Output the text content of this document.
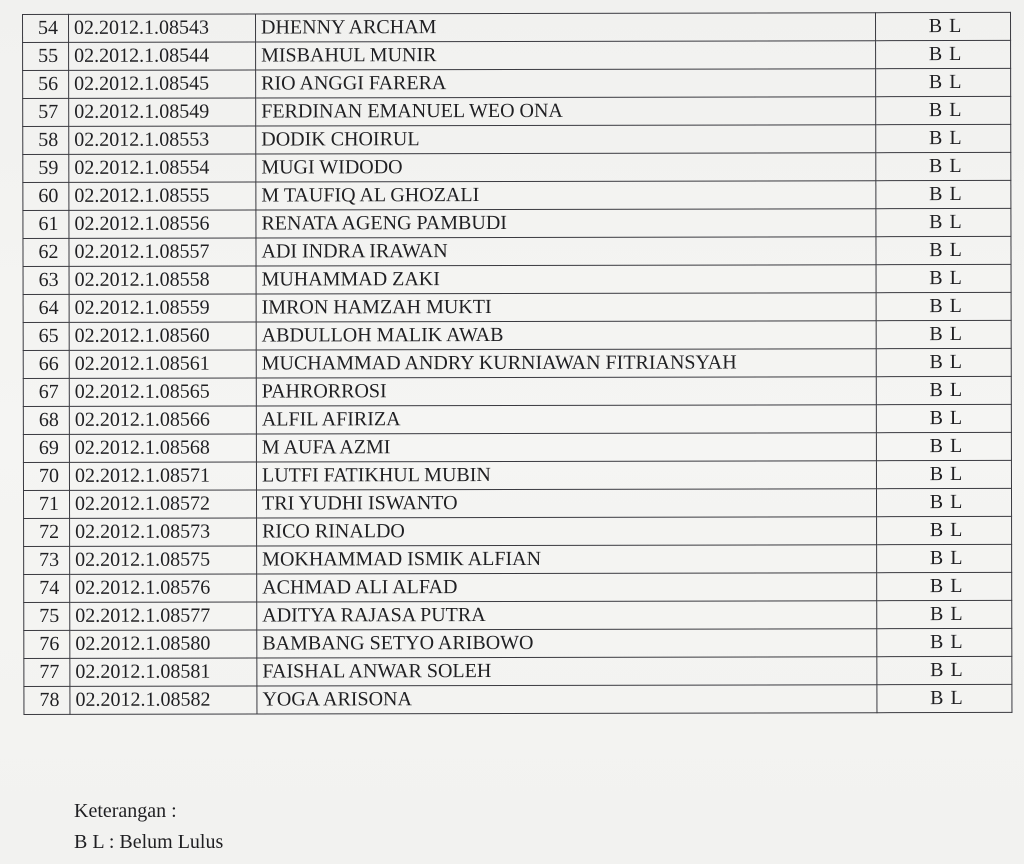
54	02.2012.1.08543	DHENNY ARCHAM	B L
55	02.2012.1.08544	MISBAHUL MUNIR	B L
56	02.2012.1.08545	RIO ANGGI FARERA	B L
57	02.2012.1.08549	FERDINAN EMANUEL WEO ONA	B L
58	02.2012.1.08553	DODIK CHOIRUL	B L
59	02.2012.1.08554	MUGI WIDODO	B L
60	02.2012.1.08555	M TAUFIQ AL GHOZALI	B L
61	02.2012.1.08556	RENATA AGENG PAMBUDI	B L
62	02.2012.1.08557	ADI INDRA IRAWAN	B L
63	02.2012.1.08558	MUHAMMAD ZAKI	B L
64	02.2012.1.08559	IMRON HAMZAH MUKTI	B L
65	02.2012.1.08560	ABDULLOH MALIK AWAB	B L
66	02.2012.1.08561	MUCHAMMAD ANDRY KURNIAWAN FITRIANSYAH	B L
67	02.2012.1.08565	PAHRORROSI	B L
68	02.2012.1.08566	ALFIL AFIRIZA	B L
69	02.2012.1.08568	M AUFA AZMI	B L
70	02.2012.1.08571	LUTFI FATIKHUL MUBIN	B L
71	02.2012.1.08572	TRI YUDHI ISWANTO	B L
72	02.2012.1.08573	RICO RINALDO	B L
73	02.2012.1.08575	MOKHAMMAD ISMIK ALFIAN	B L
74	02.2012.1.08576	ACHMAD ALI ALFAD	B L
75	02.2012.1.08577	ADITYA RAJASA PUTRA	B L
76	02.2012.1.08580	BAMBANG SETYO ARIBOWO	B L
77	02.2012.1.08581	FAISHAL ANWAR SOLEH	B L
78	02.2012.1.08582	YOGA ARISONA	B L
Keterangan :
B L : Belum Lulus
